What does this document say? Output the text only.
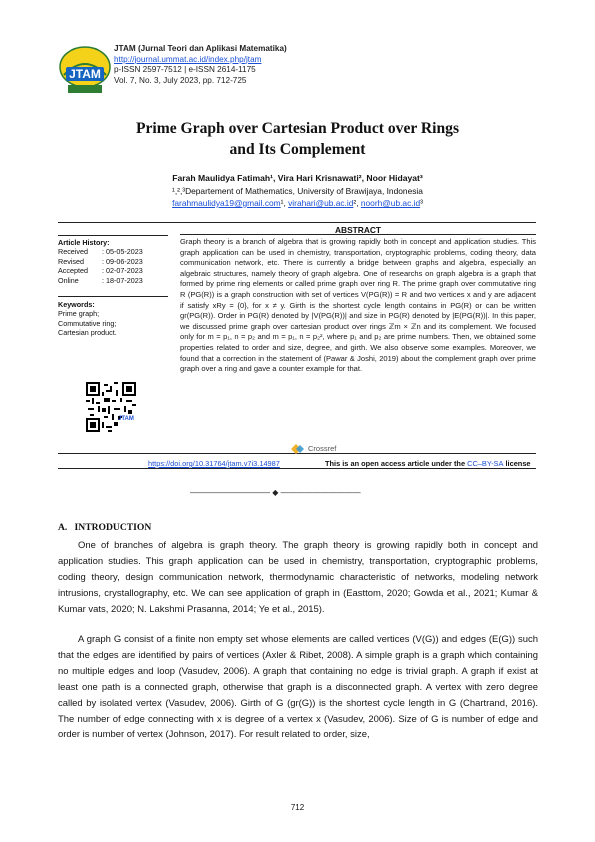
JTAM
JTAM (Jurnal Teori dan Aplikasi Matematika)
http://journal.ummat.ac.id/index.php/jtam
p-ISSN 2597-7512 | e-ISSN 2614-1175
Vol. 7, No. 3, July 2023, pp. 712-725
Prime Graph over Cartesian Product over Rings
and Its Complement
Farah Maulidya Fatimah¹, Vira Hari Krisnawati², Noor Hidayat³
¹,²,³Departement of Mathematics, University of Brawijaya, Indonesia
farahmaulidya19@gmail.com¹, virahari@ub.ac.id², noorh@ub.ac.id³
Article History:
Received	: 05-05-2023
Revised	: 09-06-2023
Accepted	: 02-07-2023
Online	: 18-07-2023
Keywords:
Prime graph;
Commutative ring;
Cartesian product.
JTAM
ABSTRACT
Graph theory is a branch of algebra that is growing rapidly both in concept and application studies. This graph application can be used in chemistry, transportation, cryptographic problems, coding theory, data communication network, etc. There is currently a bridge between graphs and algebra, especially an algebraic structures, namely theory of graph algebra. One of researchs on graph algebra is a graph that formed by prime ring elements or called prime graph over ring R. The prime graph over commutative ring R (PG(R)) is a graph construction with set of vertices V(PG(R)) = R and two vertices x and y are adjacent if satisfy xRy = {0}, for x ≠ y. Girth is the shortest cycle length contains in PG(R) or can be written gr(PG(R)). Order in PG(R) denoted by |V(PG(R))| and size in PG(R) denoted by |E(PG(R))|. In this paper, we discussed prime graph over cartesian product over rings ℤm × ℤn and its complement. We focused only for m = p₁, n = p₂ and m = p₁, n = p₂², where p₁ and p₂ are prime numbers. Then, we obtained some properties related to order and size, degree, and girth. We also observe some examples. Moreover, we found that a correction in the statement of (Pawar & Joshi, 2019) about the complement graph over prime graph over a ring and gave a counter example for that.
Crossref
https://doi.org/10.31764/jtam.v7i3.14987	This is an open access article under the CC–BY-SA license
—————————— ◆ ——————————
A. INTRODUCTION
One of branches of algebra is graph theory. The graph theory is growing rapidly both in concept and application studies. This graph application can be used in chemistry, transportation, cryptographic problems, coding theory, design communication network, thermodynamic characteristic of networks, modeling network intrusions, crystallography, etc. We can see application of graph in (Easttom, 2020; Gowda et al., 2021; Kumar & Kumar vats, 2020; N. Lakshmi Prasanna, 2014; Ye et al., 2015).
A graph G consist of a finite non empty set whose elements are called vertices (V(G)) and edges (E(G)) such that the edges are identified by pairs of vertices (Axler & Ribet, 2008). A simple graph is a graph which containing no multiple edges and loop (Vasudev, 2006). A graph that containing no edge is trivial graph. A graph if exist at least one path is a connected graph, otherwise that graph is a disconnected graph. A vertex with zero degree called by isolated vertex (Vasudev, 2006). Girth of G (gr(G)) is the shortest cycle length in G (Chartrand, 2016). The number of edge connecting with x is degree of a vertex x (Vasudev, 2006). Size of G is number of edge and order is number of vertex (Johnson, 2017). For result related to order, size,
712
